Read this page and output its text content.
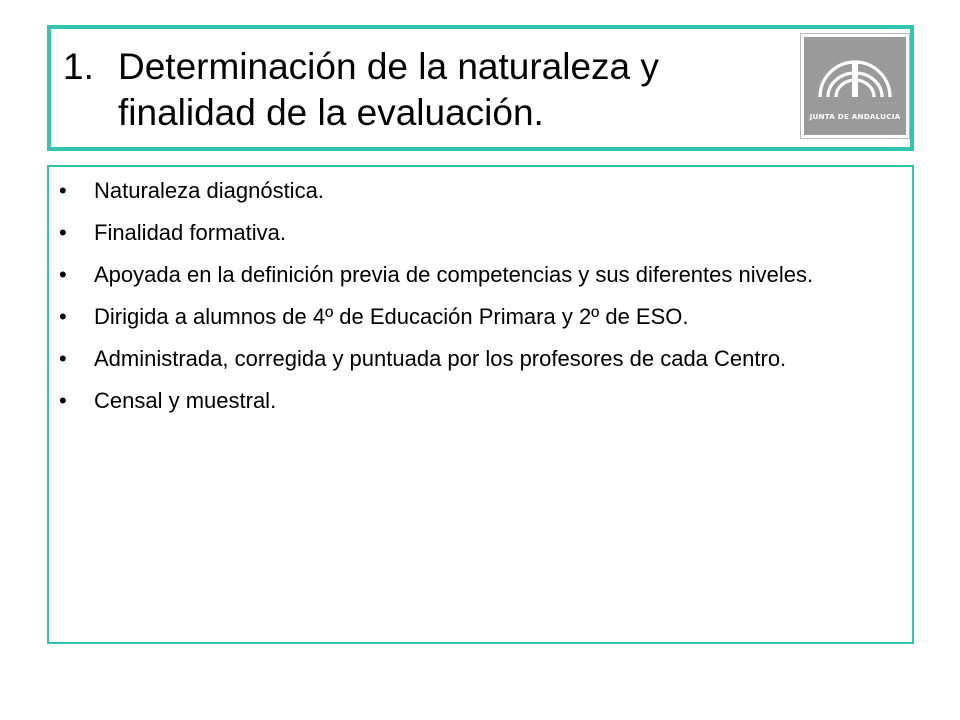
1. Determinación de la naturaleza y finalidad de la evaluación.	JUNTA DE ANDALUCIA
• Naturaleza diagnóstica.
• Finalidad formativa.
• Apoyada en la definición previa de competencias y sus diferentes niveles.
• Dirigida a alumnos de 4º de Educación Primara y 2º de ESO.
• Administrada, corregida y puntuada por los profesores de cada Centro.
• Censal y muestral.
